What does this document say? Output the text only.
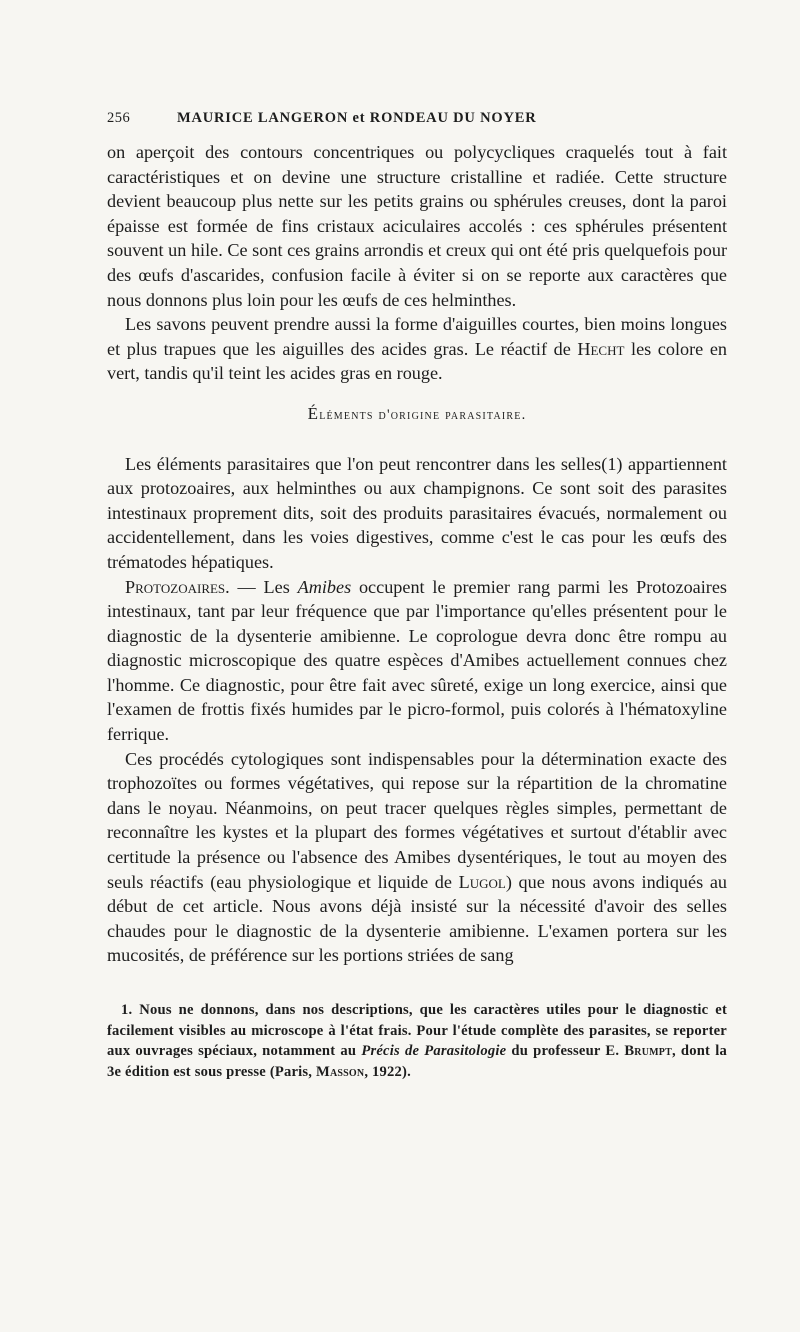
256	MAURICE LANGERON et RONDEAU DU NOYER

on aperçoit des contours concentriques ou polycycliques craquelés tout à fait caractéristiques et on devine une structure cristalline et radiée. Cette structure devient beaucoup plus nette sur les petits grains ou sphérules creuses, dont la paroi épaisse est formée de fins cristaux aciculaires accolés : ces sphérules présentent souvent un hile. Ce sont ces grains arrondis et creux qui ont été pris quelquefois pour des œufs d'ascarides, confusion facile à éviter si on se reporte aux caractères que nous donnons plus loin pour les œufs de ces helminthes.

Les savons peuvent prendre aussi la forme d'aiguilles courtes, bien moins longues et plus trapues que les aiguilles des acides gras. Le réactif de Hecht les colore en vert, tandis qu'il teint les acides gras en rouge.

Éléments d'origine parasitaire.

Les éléments parasitaires que l'on peut rencontrer dans les selles(1) appartiennent aux protozoaires, aux helminthes ou aux champignons. Ce sont soit des parasites intestinaux proprement dits, soit des produits parasitaires évacués, normalement ou accidentellement, dans les voies digestives, comme c'est le cas pour les œufs des trématodes hépatiques.

Protozoaires. — Les Amibes occupent le premier rang parmi les Protozoaires intestinaux, tant par leur fréquence que par l'importance qu'elles présentent pour le diagnostic de la dysenterie amibienne. Le coprologue devra donc être rompu au diagnostic microscopique des quatre espèces d'Amibes actuellement connues chez l'homme. Ce diagnostic, pour être fait avec sûreté, exige un long exercice, ainsi que l'examen de frottis fixés humides par le picro-formol, puis colorés à l'hématoxyline ferrique.

Ces procédés cytologiques sont indispensables pour la détermination exacte des trophozoïtes ou formes végétatives, qui repose sur la répartition de la chromatine dans le noyau. Néanmoins, on peut tracer quelques règles simples, permettant de reconnaître les kystes et la plupart des formes végétatives et surtout d'établir avec certitude la présence ou l'absence des Amibes dysentériques, le tout au moyen des seuls réactifs (eau physiologique et liquide de Lugol) que nous avons indiqués au début de cet article. Nous avons déjà insisté sur la nécessité d'avoir des selles chaudes pour le diagnostic de la dysenterie amibienne. L'examen portera sur les mucosités, de préférence sur les portions striées de sang

1. Nous ne donnons, dans nos descriptions, que les caractères utiles pour le diagnostic et facilement visibles au microscope à l'état frais. Pour l'étude complète des parasites, se reporter aux ouvrages spéciaux, notamment au Précis de Parasitologie du professeur E. Brumpt, dont la 3e édition est sous presse (Paris, Masson, 1922).
